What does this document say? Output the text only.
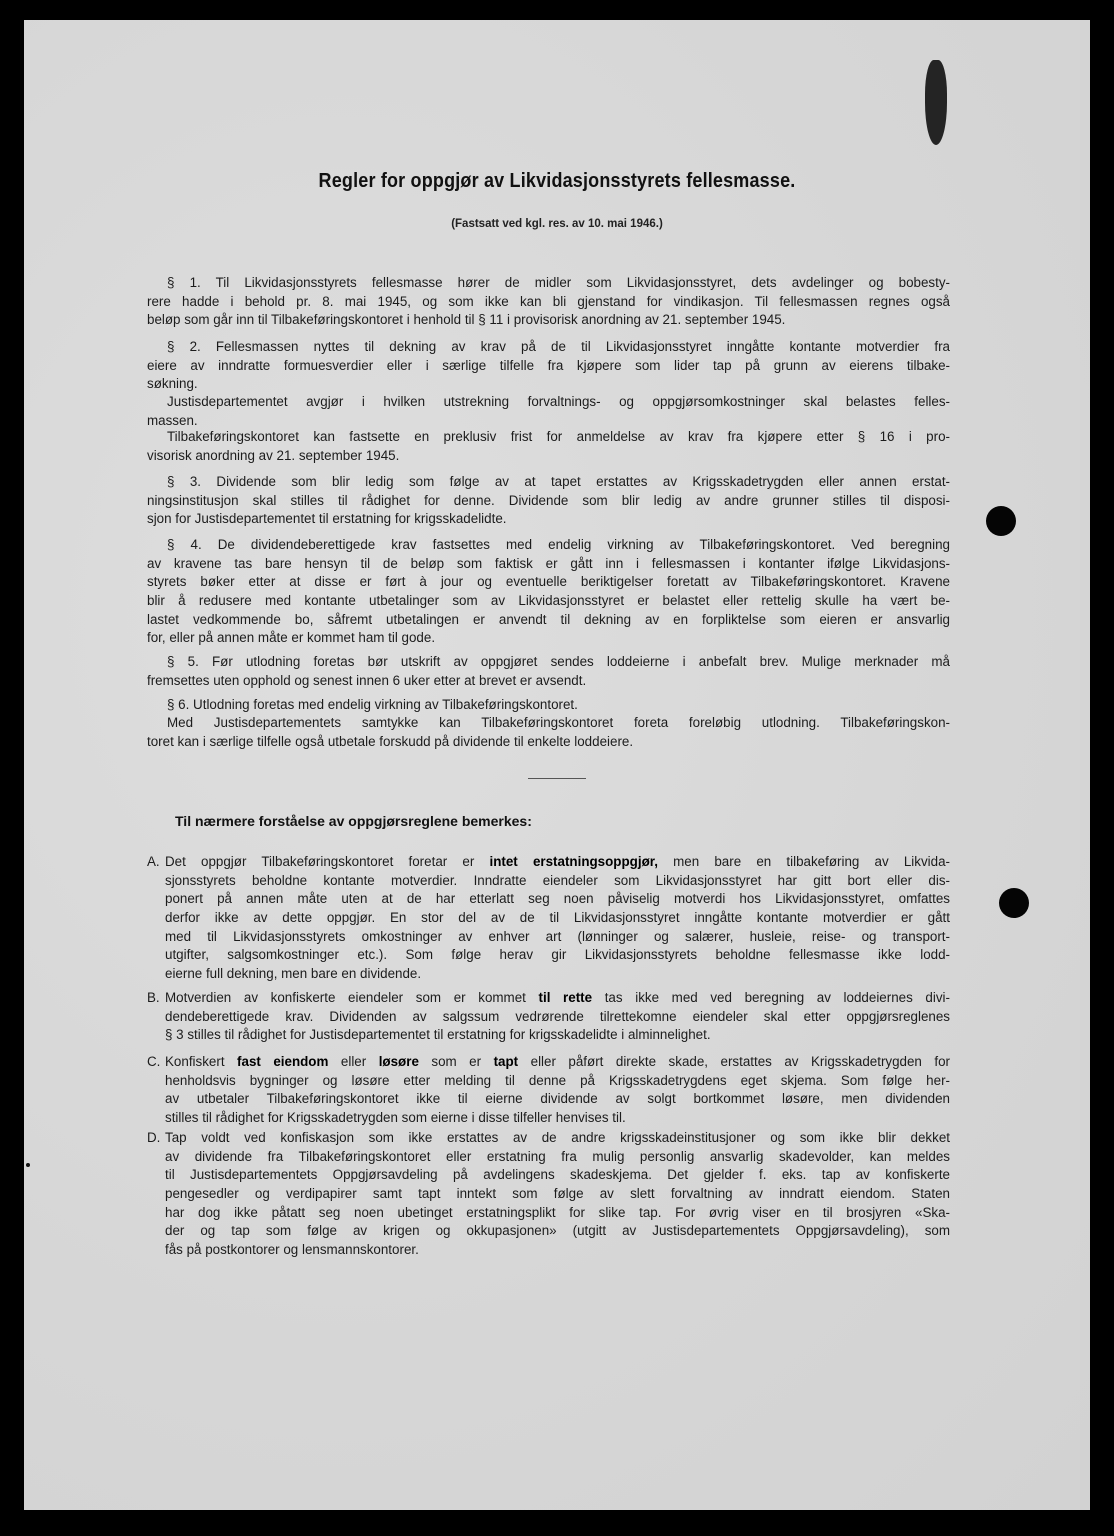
Regler for oppgjør av Likvidasjonsstyrets fellesmasse.
(Fastsatt ved kgl. res. av 10. mai 1946.)
§ 1. Til Likvidasjonsstyrets fellesmasse hører de midler som Likvidasjonsstyret, dets avdelinger og bobesty-
rere hadde i behold pr. 8. mai 1945, og som ikke kan bli gjenstand for vindikasjon. Til fellesmassen regnes også
beløp som går inn til Tilbakeføringskontoret i henhold til § 11 i provisorisk anordning av 21. september 1945.
§ 2. Fellesmassen nyttes til dekning av krav på de til Likvidasjonsstyret inngåtte kontante motverdier fra
eiere av inndratte formuesverdier eller i særlige tilfelle fra kjøpere som lider tap på grunn av eierens tilbake-
søkning.
Justisdepartementet avgjør i hvilken utstrekning forvaltnings- og oppgjørsomkostninger skal belastes felles-
massen.
Tilbakeføringskontoret kan fastsette en preklusiv frist for anmeldelse av krav fra kjøpere etter § 16 i pro-
visorisk anordning av 21. september 1945.
§ 3. Dividende som blir ledig som følge av at tapet erstattes av Krigsskadetrygden eller annen erstat-
ningsinstitusjon skal stilles til rådighet for denne. Dividende som blir ledig av andre grunner stilles til disposi-
sjon for Justisdepartementet til erstatning for krigsskadelidte.
§ 4. De dividendeberettigede krav fastsettes med endelig virkning av Tilbakeføringskontoret. Ved beregning
av kravene tas bare hensyn til de beløp som faktisk er gått inn i fellesmassen i kontanter ifølge Likvidasjons-
styrets bøker etter at disse er ført à jour og eventuelle beriktigelser foretatt av Tilbakeføringskontoret. Kravene
blir å redusere med kontante utbetalinger som av Likvidasjonsstyret er belastet eller rettelig skulle ha vært be-
lastet vedkommende bo, såfremt utbetalingen er anvendt til dekning av en forpliktelse som eieren er ansvarlig
for, eller på annen måte er kommet ham til gode.
§ 5. Før utlodning foretas bør utskrift av oppgjøret sendes loddeierne i anbefalt brev. Mulige merknader må
fremsettes uten opphold og senest innen 6 uker etter at brevet er avsendt.
§ 6. Utlodning foretas med endelig virkning av Tilbakeføringskontoret.
Med Justisdepartementets samtykke kan Tilbakeføringskontoret foreta foreløbig utlodning. Tilbakeføringskon-
toret kan i særlige tilfelle også utbetale forskudd på dividende til enkelte loddeiere.
Til nærmere forståelse av oppgjørsreglene bemerkes:
A. Det oppgjør Tilbakeføringskontoret foretar er intet erstatningsoppgjør, men bare en tilbakeføring av Likvida-
sjonsstyrets beholdne kontante motverdier. Inndratte eiendeler som Likvidasjonsstyret har gitt bort eller dis-
ponert på annen måte uten at de har etterlatt seg noen påviselig motverdi hos Likvidasjonsstyret, omfattes
derfor ikke av dette oppgjør. En stor del av de til Likvidasjonsstyret inngåtte kontante motverdier er gått
med til Likvidasjonsstyrets omkostninger av enhver art (lønninger og salærer, husleie, reise- og transport-
utgifter, salgsomkostninger etc.). Som følge herav gir Likvidasjonsstyrets beholdne fellesmasse ikke lodd-
eierne full dekning, men bare en dividende.
B. Motverdien av konfiskerte eiendeler som er kommet til rette tas ikke med ved beregning av loddeiernes divi-
dendeberettigede krav. Dividenden av salgssum vedrørende tilrettekomne eiendeler skal etter oppgjørsreglenes
§ 3 stilles til rådighet for Justisdepartementet til erstatning for krigsskadelidte i alminnelighet.
C. Konfiskert fast eiendom eller løsøre som er tapt eller påført direkte skade, erstattes av Krigsskadetrygden for
henholdsvis bygninger og løsøre etter melding til denne på Krigsskadetrygdens eget skjema. Som følge her-
av utbetaler Tilbakeføringskontoret ikke til eierne dividende av solgt bortkommet løsøre, men dividenden
stilles til rådighet for Krigsskadetrygden som eierne i disse tilfeller henvises til.
D. Tap voldt ved konfiskasjon som ikke erstattes av de andre krigsskadeinstitusjoner og som ikke blir dekket
av dividende fra Tilbakeføringskontoret eller erstatning fra mulig personlig ansvarlig skadevolder, kan meldes
til Justisdepartementets Oppgjørsavdeling på avdelingens skadeskjema. Det gjelder f. eks. tap av konfiskerte
pengesedler og verdipapirer samt tapt inntekt som følge av slett forvaltning av inndratt eiendom. Staten
har dog ikke påtatt seg noen ubetinget erstatningsplikt for slike tap. For øvrig viser en til brosjyren «Ska-
der og tap som følge av krigen og okkupasjonen» (utgitt av Justisdepartementets Oppgjørsavdeling), som
fås på postkontorer og lensmannskontorer.
